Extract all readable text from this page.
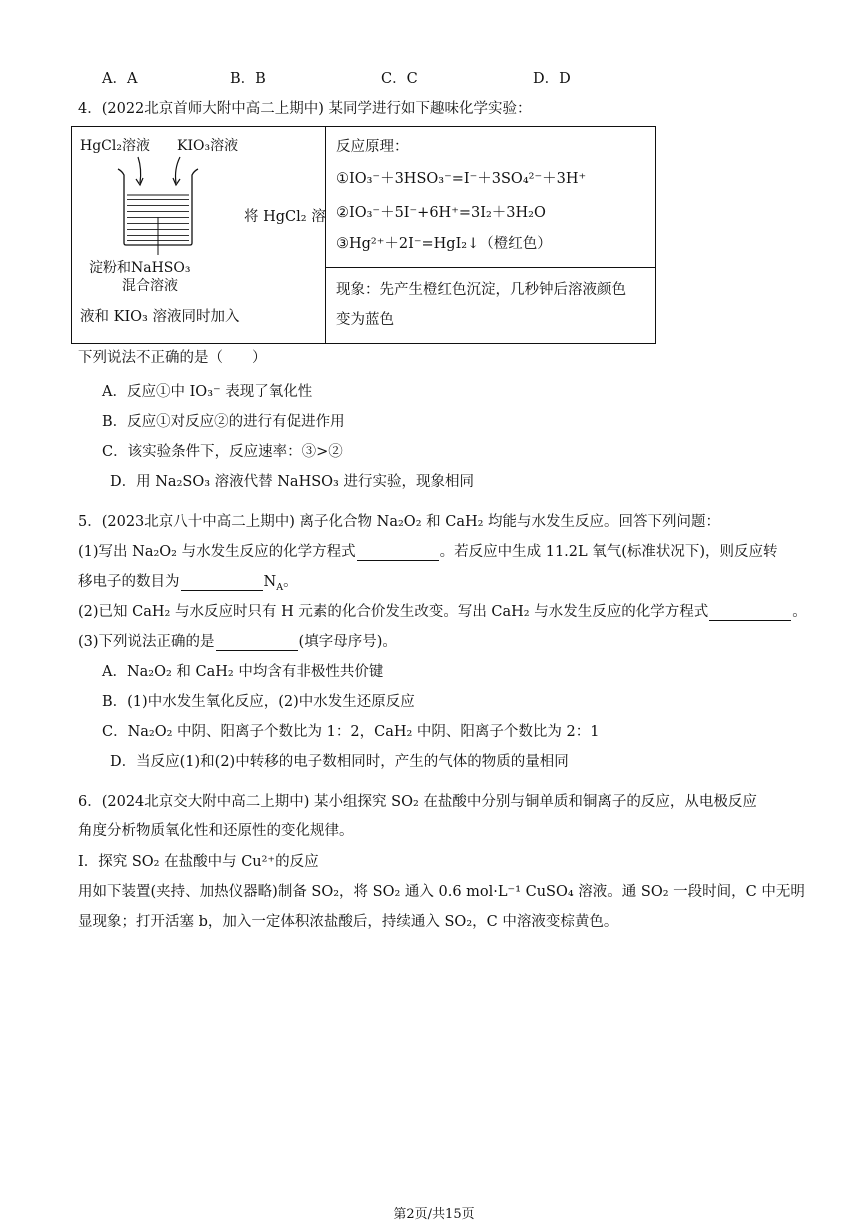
A．A	B．B	C．C	D．D
4．(2022北京首师大附中高二上期中) 某同学进行如下趣味化学实验：
HgCl₂溶液 KIO₃溶液
淀粉和NaHSO₃
混合溶液
将 HgCl₂ 溶
液和 KIO₃ 溶液同时加入
反应原理：
①IO₃⁻＋3HSO₃⁻=I⁻＋3SO₄²⁻＋3H⁺
②IO₃⁻＋5I⁻+6H⁺=3I₂＋3H₂O
③Hg²⁺＋2I⁻=HgI₂↓（橙红色）
现象：先产生橙红色沉淀，几秒钟后溶液颜色
变为蓝色
下列说法不正确的是（　　）
A．反应①中 IO₃⁻ 表现了氧化性
B．反应①对反应②的进行有促进作用
C．该实验条件下，反应速率：③>②
D．用 Na₂SO₃ 溶液代替 NaHSO₃ 进行实验，现象相同
5．(2023北京八十中高二上期中) 离子化合物 Na₂O₂ 和 CaH₂ 均能与水发生反应。回答下列问题：
(1)写出 Na₂O₂ 与水发生反应的化学方程式	。若反应中生成 11.2L 氧气(标准状况下)，则反应转
移电子的数目为	$N_A$。
(2)已知 CaH₂ 与水反应时只有 H 元素的化合价发生改变。写出 CaH₂ 与水发生反应的化学方程式	。
(3)下列说法正确的是	(填字母序号)。
A．Na₂O₂ 和 CaH₂ 中均含有非极性共价键
B．(1)中水发生氧化反应，(2)中水发生还原反应
C．Na₂O₂ 中阴、阳离子个数比为 1：2，CaH₂ 中阴、阳离子个数比为 2：1
D．当反应(1)和(2)中转移的电子数相同时，产生的气体的物质的量相同
6．(2024北京交大附中高二上期中) 某小组探究 SO₂ 在盐酸中分别与铜单质和铜离子的反应，从电极反应
角度分析物质氧化性和还原性的变化规律。
I．探究 SO₂ 在盐酸中与 Cu²⁺的反应
用如下装置(夹持、加热仪器略)制备 SO₂，将 SO₂ 通入 0.6 mol·L⁻¹ CuSO₄ 溶液。通 SO₂ 一段时间，C 中无明
显现象；打开活塞 b，加入一定体积浓盐酸后，持续通入 SO₂，C 中溶液变棕黄色。
第2页/共15页
